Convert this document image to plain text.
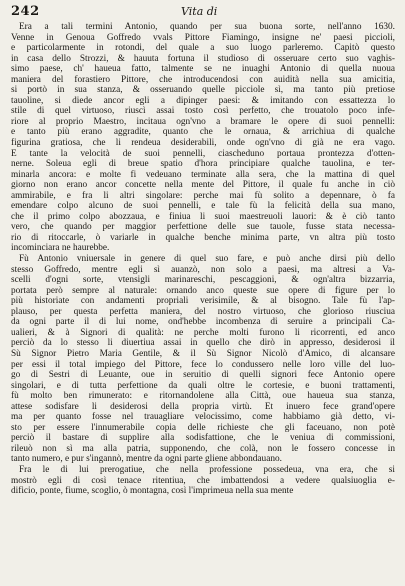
242	Vita di
Era a tali termini Antonio, quando per sua buona sorte, nell'anno 1630.
Venne in Genoua Goffredo vvals Pittore Fiamingo, insigne ne' paesi piccioli,
e particolarmente in rotondi, del quale a suo luogo parleremo. Capitò questo
in casa dello Strozzi, & hauuta fortuna il studioso di osseruare certo suo vaghis-
simo paese, ch' haueua fatto, talmente se ne inuaghi Antonio di quella nuoua
maniera del forastiero Pittore, che introducendosi con auidità nella sua amicitia,
si portò in sua stanza, & osseruando quelle picciole sì, ma tanto più pretiose
tauoline, si diede ancor egli a dipinger paesi: & imitando con essattezza lo
stile di quel virtuoso, riuscì assai tosto così perfetto, che trouatolo poco infe-
riore al proprio Maestro, incitaua ogn'vno a bramare le opere di suoi pennelli:
e tanto più erano aggradite, quanto che le ornaua, & arrichiua di qualche
figurina gratiosa, che li rendeua desiderabili, onde ogn'vno di già ne era vago.
E tante la velocità de suoi pennelli, ciascheduno portaua prontezza d'otten-
nerne. Soleua egli di breue spatio d'hora principiare qualche tauolina, e ter-
minarla ancora: e molte fi vedeuano terminate alla sera, che la mattina di quel
giorno non erano ancor concette nella mente del Pittore, il quale fu anche in ciò
ammirabile, e fra li altri singolare: perche mai fù solito a depennare, ò fa
emendare colpo alcuno de suoi pennelli, e tale fù la felicità della sua mano,
che il primo colpo abozzaua, e finiua li suoi maestreuoli lauori: & è ciò tanto
vero, che quando per maggior perfettione delle sue tauole, fusse stata necessa-
rio di ritoccarle, ò variarle in qualche benche minima parte, vn altra più tosto
incominciara ne haurebbe.
Fù Antonio vniuersale in genere di quel suo fare, e può anche dirsi più dello
stesso Goffredo, mentre egli sì auanzò, non solo a paesi, ma altresi a Va-
scelli d'ogni sorte, vtensigli marinareschi, pescaggioni, & ogn'altra bizzarria,
portata però sempre al naturale: ornando anco queste sue opere di figure per lo
più historiate con andamenti propriali verisimile, & al bisogno. Tale fù l'ap-
plauso, per questa perfetta maniera, del nostro virtuoso, che glorioso riusciua
da ogni parte il di lui nome, ond'hebbe incombenza di seruire a principali Ca-
ualieri, & à Signori di qualità: ne perche molti furono li ricorrenti, ed anco
perciò da lo stesso li diuertiua assai in quello che dirò in appresso, desiderosi il
Sù Signor Pietro Maria Gentile, & il Sù Signor Nicolò d'Amico, di alcansare
per essi il total impiego del Pittore, fece lo condussero nelle loro ville del luo-
go di Sestri di Leuante, oue in seruitio di quelli signori fece Antonio opere
singolari, e di tutta perfettione da quali oltre le cortesie, e buoni trattamenti,
fù molto ben rimunerato: e ritornandolene alla Città, oue haueua sua stanza,
attese sodisfare li desiderosi della propria virtù. Et inuero fece grand'opere
ma per quanto fosse nel trauagliare velocissimo, come habbiamo già detto, vi-
sto per essere l'innumerabile copia delle richieste che gli faceuano, non potè
perciò il bastare di supplire alla sodisfattione, che le veniua di commissioni,
rileuò non sì ma alla patria, supponendo, che colà, non le fossero concesse in
tanto numero, e pur s'ingannò, mentre da ogni parte gliene abbondauano.
Fra le di lui prerogatiue, che nella professione possedeua, vna era, che si
mostrò egli di così tenace ritentiua, che imbattendosi a vedere qualsiuoglia e-
dificio, ponte, fiume, scoglio, ò montagna, così l'imprimeua nella sua mente
